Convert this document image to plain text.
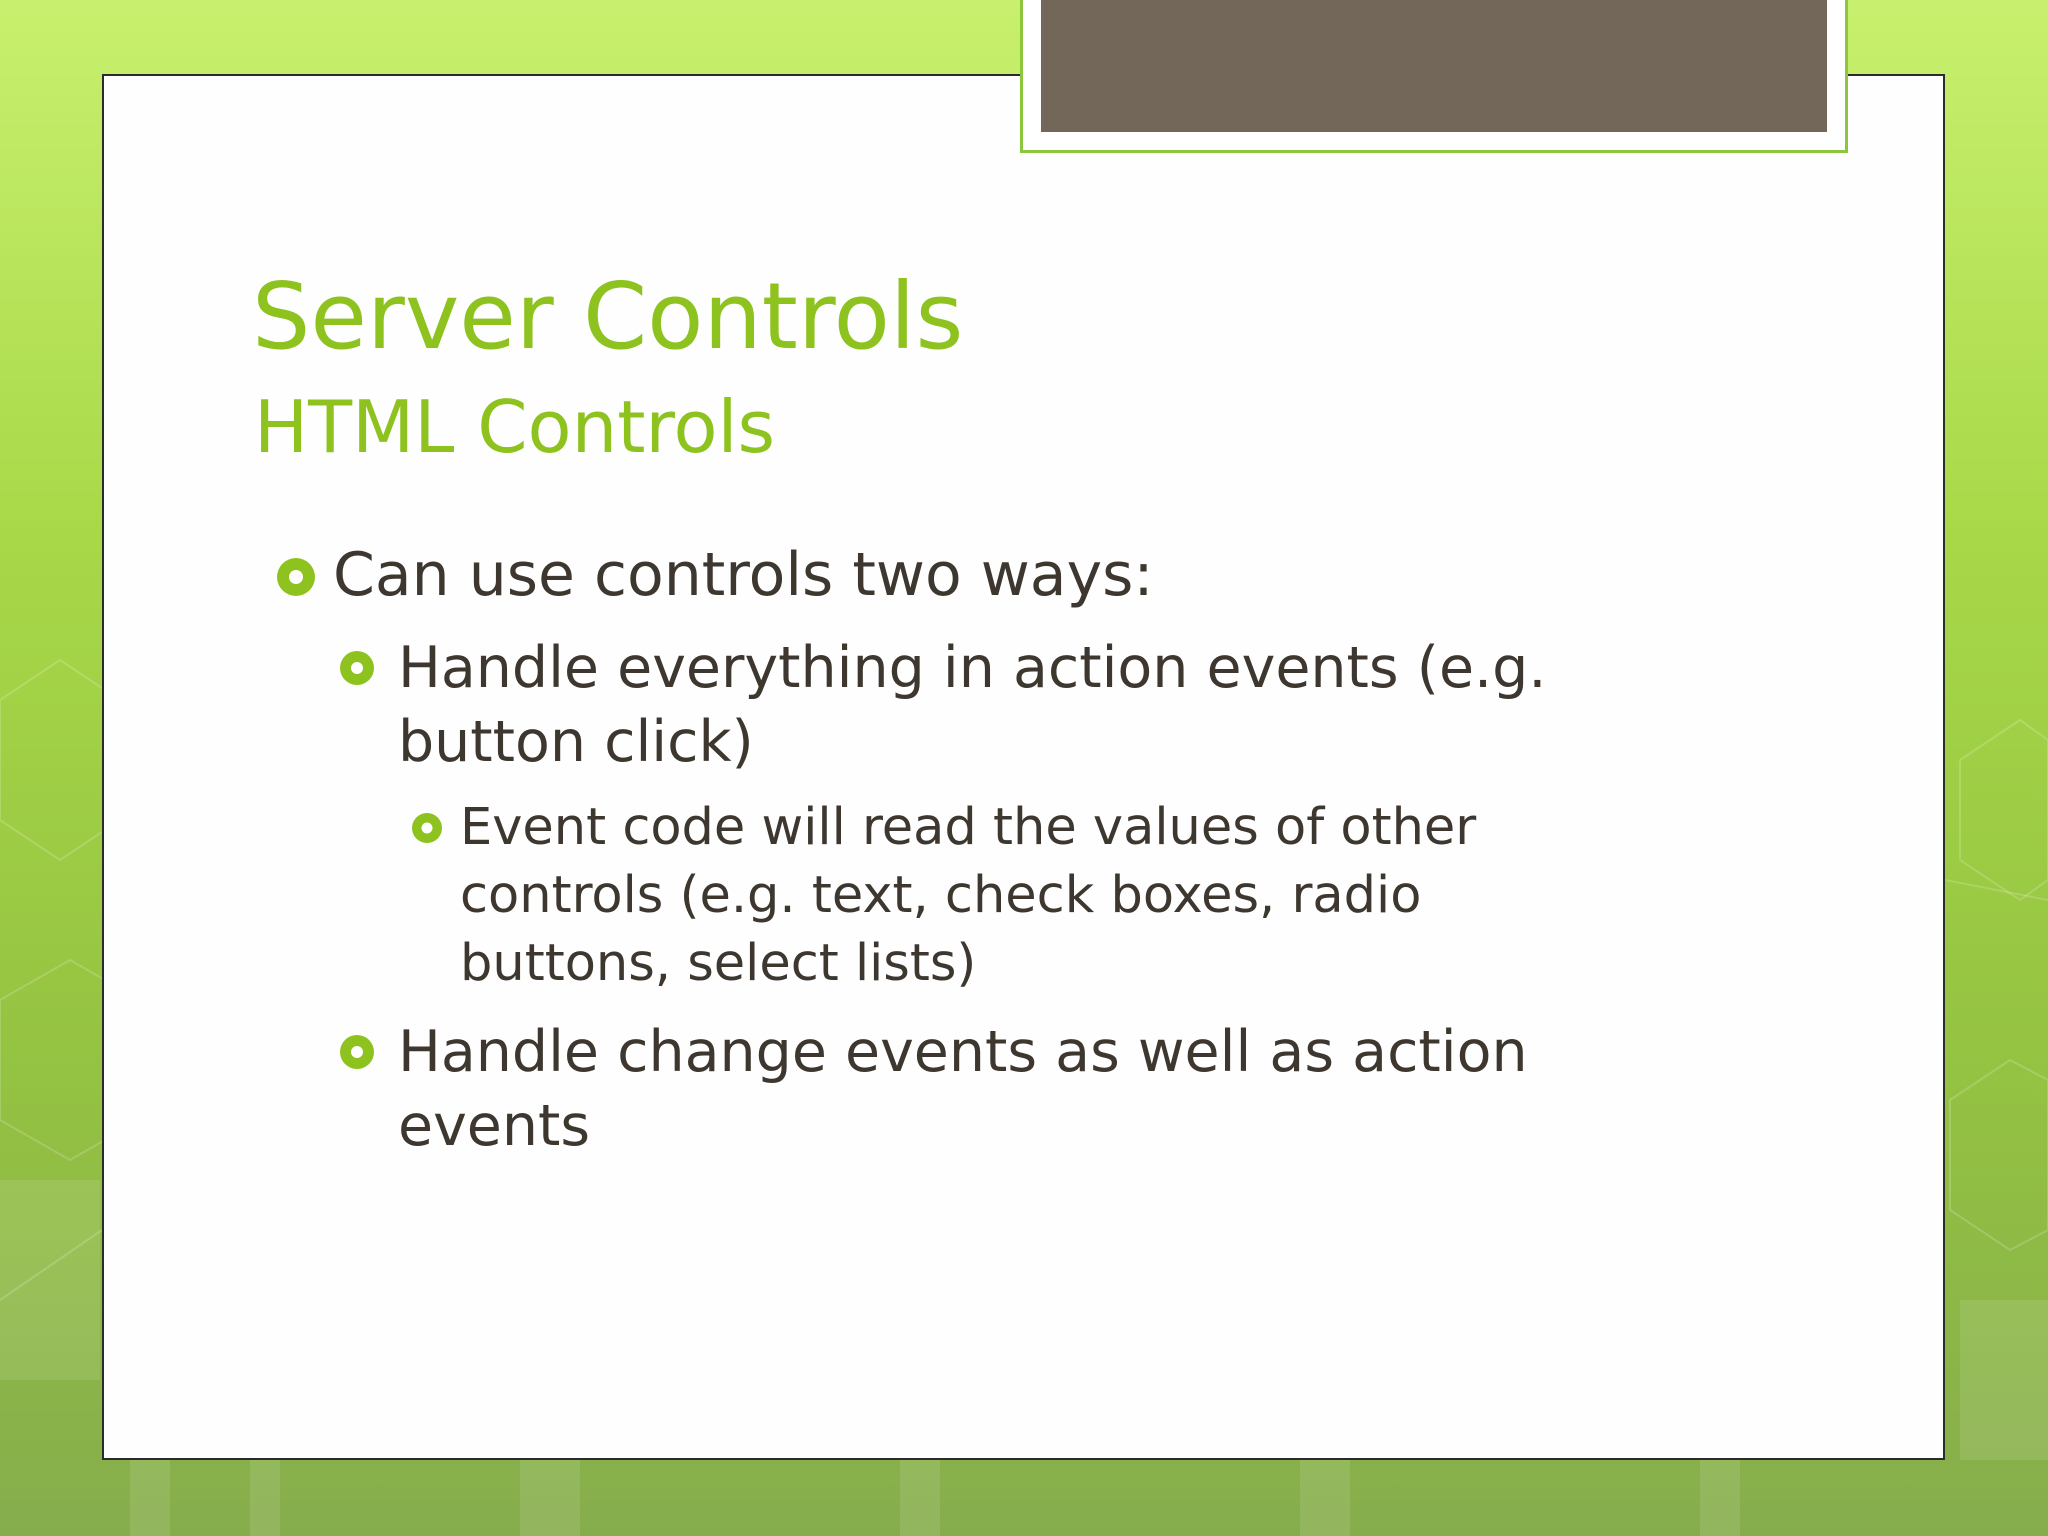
Server Controls
HTML Controls
Can use controls two ways:
Handle everything in action events (e.g. button click)
Event code will read the values of other controls (e.g. text, check boxes, radio buttons, select lists)
Handle change events as well as action events
